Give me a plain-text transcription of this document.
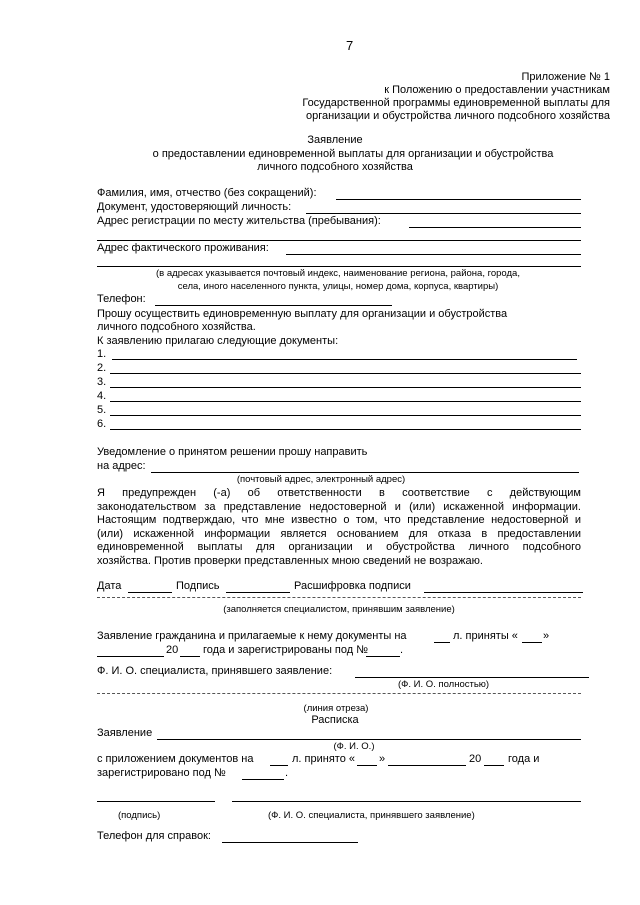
7
Приложение № 1
к Положению о предоставлении участникам
Государственной программы единовременной выплаты для
организации и обустройства личного подсобного хозяйства
Заявление
о предоставлении единовременной выплаты для организации и обустройства
личного подсобного хозяйства
Фамилия, имя, отчество (без сокращений):
Документ, удостоверяющий личность:
Адрес регистрации по месту жительства (пребывания):
Адрес фактического проживания:
(в адресах указывается почтовый индекс, наименование региона, района, города,
села, иного населенного пункта, улицы, номер дома, корпуса, квартиры)
Телефон:
Прошу осуществить единовременную выплату для организации и обустройства
личного подсобного хозяйства.
К заявлению прилагаю следующие документы:
1.
2.
3.
4.
5.
6.
Уведомление о принятом решении прошу направить
на адрес:
(почтовый адрес, электронный адрес)
Я предупрежден (-а) об ответственности в соответствие с действующим
законодательством за представление недостоверной и (или) искаженной информации.
Настоящим подтверждаю, что мне известно о том, что представление недостоверной и
(или) искаженной информации является основанием для отказа в предоставлении
единовременной выплаты для организации и обустройства личного подсобного
хозяйства. Против проверки представленных мною сведений не возражаю.
Дата	Подпись	Расшифровка подписи
(заполняется специалистом, принявшим заявление)
Заявление гражданина и прилагаемые к нему документы на	л. приняты « »
20 года и зарегистрированы под №	.
Ф. И. О. специалиста, принявшего заявление:
(Ф. И. О. полностью)
(линия отреза)
Расписка
Заявление
(Ф. И. О.)
с приложением документов на	л. принято « »	20 года и
зарегистрировано под №	.
(подпись)	(Ф. И. О. специалиста, принявшего заявление)
Телефон для справок:
